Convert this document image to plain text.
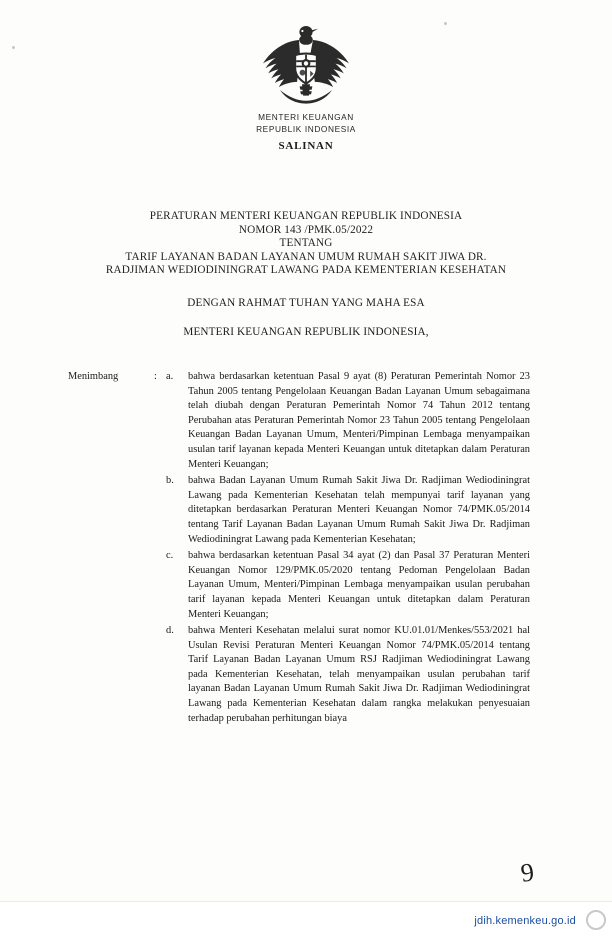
MENTERI KEUANGAN
REPUBLIK INDONESIA
SALINAN
PERATURAN MENTERI KEUANGAN REPUBLIK INDONESIA
NOMOR 143 /PMK.05/2022
TENTANG
TARIF LAYANAN BADAN LAYANAN UMUM RUMAH SAKIT JIWA DR.
RADJIMAN WEDIODININGRAT LAWANG PADA KEMENTERIAN KESEHATAN
DENGAN RAHMAT TUHAN YANG MAHA ESA
MENTERI KEUANGAN REPUBLIK INDONESIA,
Menimbang	: a.	bahwa berdasarkan ketentuan Pasal 9 ayat (8) Peraturan Pemerintah Nomor 23 Tahun 2005 tentang Pengelolaan Keuangan Badan Layanan Umum sebagaimana telah diubah dengan Peraturan Pemerintah Nomor 74 Tahun 2012 tentang Perubahan atas Peraturan Pemerintah Nomor 23 Tahun 2005 tentang Pengelolaan Keuangan Badan Layanan Umum, Menteri/Pimpinan Lembaga menyampaikan usulan tarif layanan kepada Menteri Keuangan untuk ditetapkan dalam Peraturan Menteri Keuangan;
b.	bahwa Badan Layanan Umum Rumah Sakit Jiwa Dr. Radjiman Wediodiningrat Lawang pada Kementerian Kesehatan telah mempunyai tarif layanan yang ditetapkan berdasarkan Peraturan Menteri Keuangan Nomor 74/PMK.05/2014 tentang Tarif Layanan Badan Layanan Umum Rumah Sakit Jiwa Dr. Radjiman Wediodiningrat Lawang pada Kementerian Kesehatan;
c.	bahwa berdasarkan ketentuan Pasal 34 ayat (2) dan Pasal 37 Peraturan Menteri Keuangan Nomor 129/PMK.05/2020 tentang Pedoman Pengelolaan Badan Layanan Umum, Menteri/Pimpinan Lembaga menyampaikan usulan perubahan tarif layanan kepada Menteri Keuangan untuk ditetapkan dalam Peraturan Menteri Keuangan;
d.	bahwa Menteri Kesehatan melalui surat nomor KU.01.01/Menkes/553/2021 hal Usulan Revisi Peraturan Menteri Keuangan Nomor 74/PMK.05/2014 tentang Tarif Layanan Badan Layanan Umum RSJ Radjiman Wediodiningrat Lawang pada Kementerian Kesehatan, telah menyampaikan usulan perubahan tarif layanan Badan Layanan Umum Rumah Sakit Jiwa Dr. Radjiman Wediodiningrat Lawang pada Kementerian Kesehatan dalam rangka melakukan penyesuaian terhadap perubahan perhitungan biaya
9
jdih.kemenkeu.go.id
